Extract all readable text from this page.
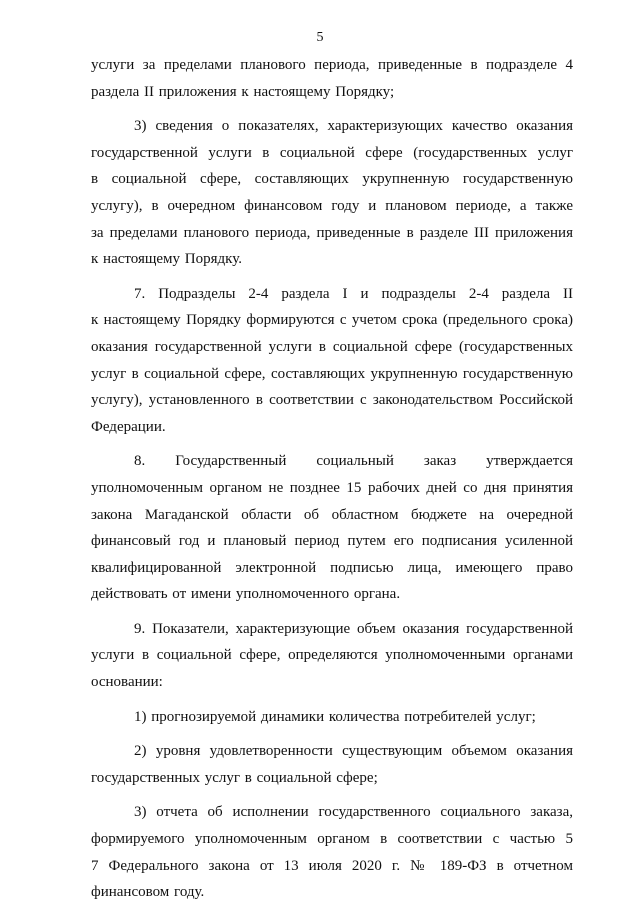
5
услуги за пределами планового периода, приведенные в подразделе 4
раздела II приложения к настоящему Порядку;
3) сведения о показателях, характеризующих качество оказания
государственной услуги в социальной сфере (государственных услуг
в социальной сфере, составляющих укрупненную государственную
услугу), в очередном финансовом году и плановом периоде, а также
за пределами планового периода, приведенные в разделе III приложения
к настоящему Порядку.
7. Подразделы 2-4 раздела I и подразделы 2-4 раздела II
к настоящему Порядку формируются с учетом срока (предельного срока)
оказания государственной услуги в социальной сфере (государственных
услуг в социальной сфере, составляющих укрупненную государственную
услугу), установленного в соответствии с законодательством Российской
Федерации.
8. Государственный социальный заказ утверждается
уполномоченным органом не позднее 15 рабочих дней со дня принятия
закона Магаданской области об областном бюджете на очередной
финансовый год и плановый период путем его подписания усиленной
квалифицированной электронной подписью лица, имеющего право
действовать от имени уполномоченного органа.
9. Показатели, характеризующие объем оказания государственной
услуги в социальной сфере, определяются уполномоченными органами
основании:
1) прогнозируемой динамики количества потребителей услуг;
2) уровня удовлетворенности существующим объемом оказания
государственных услуг в социальной сфере;
3) отчета об исполнении государственного социального заказа,
формируемого уполномоченным органом в соответствии с частью 5
7 Федерального закона от 13 июля 2020 г. № 189-ФЗ в отчетном
финансовом году.
